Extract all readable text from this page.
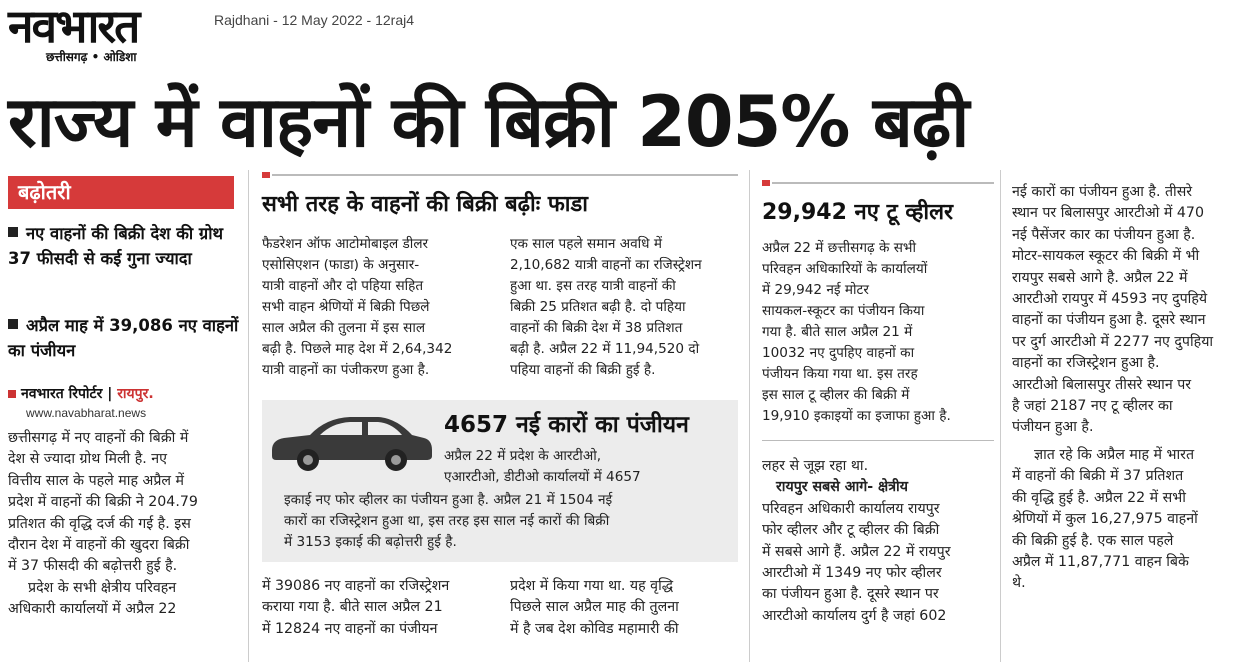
नवभारत
छत्तीसगढ़ • ओडिशा
Rajdhani - 12 May 2022 - 12raj4
राज्य में वाहनों की बिक्री 205% बढ़ी
बढ़ोतरी
नए वाहनों की बिक्री देश की ग्रोथ 37 फीसदी से कई गुना ज्यादा
अप्रैल माह में 39,086 नए वाहनों का पंजीयन
नवभारत रिपोर्टर | रायपुर.
www.navabharat.news

छत्तीसगढ़ में नए वाहनों की बिक्री में

देश से ज्यादा ग्रोथ मिली है. नए

वित्तीय साल के पहले माह अप्रैल में

प्रदेश में वाहनों की बिक्री ने 204.79

प्रतिशत की वृद्धि दर्ज की गई है. इस

दौरान देश में वाहनों की खुदरा बिक्री

में 37 फीसदी की बढ़ोत्तरी हुई है.

प्रदेश के सभी क्षेत्रीय परिवहन

अधिकारी कार्यालयों में अप्रैल 22

सभी तरह के वाहनों की बिक्री बढ़ीः फाडा

फैडरेशन ऑफ आटोमोबाइल डीलर

एसोसिएशन (फाडा) के अनुसार-

यात्री वाहनों और दो पहिया सहित

सभी वाहन श्रेणियों में बिक्री पिछले

साल अप्रैल की तुलना में इस साल

बढ़ी है. पिछले माह देश में 2,64,342

यात्री वाहनों का पंजीकरण हुआ है.

एक साल पहले समान अवधि में

2,10,682 यात्री वाहनों का रजिस्ट्रेशन

हुआ था. इस तरह यात्री वाहनों की

बिक्री 25 प्रतिशत बढ़ी है. दो पहिया

वाहनों की बिक्री देश में 38 प्रतिशत

बढ़ी है. अप्रैल 22 में 11,94,520 दो

पहिया वाहनों की बिक्री हुई है.

4657 नई कारों का पंजीयन
अप्रैल 22 में प्रदेश के आरटीओ,
एआरटीओ, डीटीओ कार्यालयों में 4657
इकाई नए फोर व्हीलर का पंजीयन हुआ है. अप्रैल 21 में 1504 नई
कारों का रजिस्ट्रेशन हुआ था, इस तरह इस साल नई कारों की बिक्री
में 3153 इकाई की बढ़ोत्तरी हुई है.

में 39086 नए वाहनों का रजिस्ट्रेशन

कराया गया है. बीते साल अप्रैल 21

में 12824 नए वाहनों का पंजीयन

प्रदेश में किया गया था. यह वृद्धि

पिछले साल अप्रैल माह की तुलना

में है जब देश कोविड महामारी की

29,942 नए टू व्हीलर

अप्रैल 22 में छत्तीसगढ़ के सभी

परिवहन अधिकारियों के कार्यालयों

में 29,942 नई मोटर

सायकल-स्कूटर का पंजीयन किया

गया है. बीते साल अप्रैल 21 में

10032 नए दुपहिए वाहनों का

पंजीयन किया गया था. इस तरह

इस साल टू व्हीलर की बिक्री में

19,910 इकाइयों का इजाफा हुआ है.

लहर से जूझ रहा था.

रायपुर सबसे आगे- क्षेत्रीय

परिवहन अधिकारी कार्यालय रायपुर

फोर व्हीलर और टू व्हीलर की बिक्री

में सबसे आगे हैं. अप्रैल 22 में रायपुर

आरटीओ में 1349 नए फोर व्हीलर

का पंजीयन हुआ है. दूसरे स्थान पर

आरटीओ कार्यालय दुर्ग है जहां 602

नई कारों का पंजीयन हुआ है. तीसरे

स्थान पर बिलासपुर आरटीओ में 470

नई पैसेंजर कार का पंजीयन हुआ है.

मोटर-सायकल स्कूटर की बिक्री में भी

रायपुर सबसे आगे है. अप्रैल 22 में

आरटीओ रायपुर में 4593 नए दुपहिये

वाहनों का पंजीयन हुआ है. दूसरे स्थान

पर दुर्ग आरटीओ में 2277 नए दुपहिया

वाहनों का रजिस्ट्रेशन हुआ है.

आरटीओ बिलासपुर तीसरे स्थान पर

है जहां 2187 नए टू व्हीलर का

पंजीयन हुआ है.

ज्ञात रहे कि अप्रैल माह में भारत

में वाहनों की बिक्री में 37 प्रतिशत

की वृद्धि हुई है. अप्रैल 22 में सभी

श्रेणियों में कुल 16,27,975 वाहनों

की बिक्री हुई है. एक साल पहले

अप्रैल में 11,87,771 वाहन बिके

थे.
